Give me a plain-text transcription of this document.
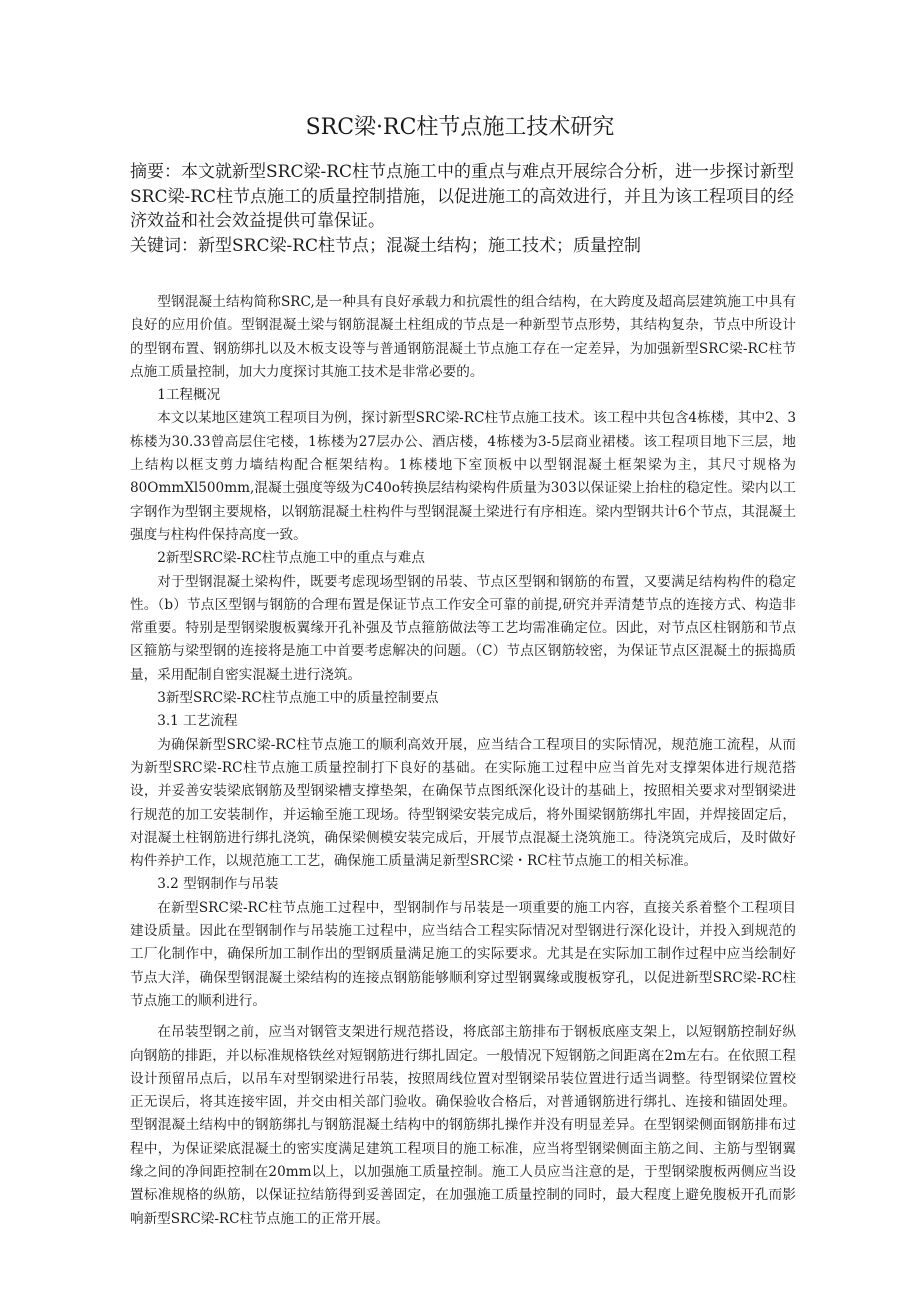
SRC梁·RC柱节点施工技术研究

摘要：本文就新型SRC梁-RC柱节点施工中的重点与难点开展综合分析，进一步探讨新型SRC梁-RC柱节点施工的质量控制措施，以促进施工的高效进行，并且为该工程项目的经济效益和社会效益提供可靠保证。

关键词：新型SRC梁-RC柱节点；混凝土结构；施工技术；质量控制

型钢混凝土结构简称SRC,是一种具有良好承载力和抗震性的组合结构，在大跨度及超高层建筑施工中具有良好的应用价值。型钢混凝土梁与钢筋混凝土柱组成的节点是一种新型节点形势，其结构复杂，节点中所设计的型钢布置、钢筋绑扎以及木板支设等与普通钢筋混凝土节点施工存在一定差异，为加强新型SRC梁-RC柱节点施工质量控制，加大力度探讨其施工技术是非常必要的。

1工程概况

本文以某地区建筑工程项目为例，探讨新型SRC梁-RC柱节点施工技术。该工程中共包含4栋楼，其中2、3栋楼为30.33曾高层住宅楼，1栋楼为27层办公、酒店楼，4栋楼为3-5层商业裙楼。该工程项目地下三层，地上结构以框支剪力墙结构配合框架结构。1栋楼地下室顶板中以型钢混凝土框架梁为主，其尺寸规格为80OmmXl500mm,混凝土强度等级为C40o转换层结构梁构件质量为303以保证梁上抬柱的稳定性。梁内以工字钢作为型钢主要规格，以钢筋混凝土柱构件与型钢混凝土梁进行有序相连。梁内型钢共计6个节点，其混凝土强度与柱构件保持高度一致。

2新型SRC梁-RC柱节点施工中的重点与难点

对于型钢混凝土梁构件，既要考虑现场型钢的吊装、节点区型钢和钢筋的布置，又要满足结构构件的稳定性。（b）节点区型钢与钢筋的合理布置是保证节点工作安全可靠的前提,研究并弄清楚节点的连接方式、构造非常重要。特别是型钢梁腹板翼缘开孔补强及节点箍筋做法等工艺均需准确定位。因此，对节点区柱钢筋和节点区箍筋与梁型钢的连接将是施工中首要考虑解决的问题。（C）节点区钢筋较密，为保证节点区混凝土的振捣质量，采用配制自密实混凝土进行浇筑。

3新型SRC梁-RC柱节点施工中的质量控制要点

3.1 工艺流程

为确保新型SRC梁-RC柱节点施工的顺利高效开展，应当结合工程项目的实际情况，规范施工流程，从而为新型SRC梁-RC柱节点施工质量控制打下良好的基础。在实际施工过程中应当首先对支撑架体进行规范搭设，并妥善安装梁底钢筋及型钢梁槽支撑垫架，在确保节点图纸深化设计的基础上，按照相关要求对型钢梁进行规范的加工安装制作，并运输至施工现场。待型钢梁安装完成后，将外围梁钢筋绑扎牢固，并焊接固定后，对混凝土柱钢筋进行绑扎浇筑，确保梁侧模安装完成后，开展节点混凝土浇筑施工。待浇筑完成后，及时做好构件养护工作，以规范施工工艺，确保施工质量满足新型SRC梁・RC柱节点施工的相关标准。

3.2 型钢制作与吊装

在新型SRC梁-RC柱节点施工过程中，型钢制作与吊装是一项重要的施工内容，直接关系着整个工程项目建设质量。因此在型钢制作与吊装施工过程中，应当结合工程实际情况对型钢进行深化设计，并投入到规范的工厂化制作中，确保所加工制作出的型钢质量满足施工的实际要求。尤其是在实际加工制作过程中应当绘制好节点大洋，确保型钢混凝土梁结构的连接点钢筋能够顺利穿过型钢翼缘或腹板穿孔，以促进新型SRC梁-RC柱节点施工的顺利进行。

在吊装型钢之前，应当对钢管支架进行规范搭设，将底部主筋排布于钢板底座支架上，以短钢筋控制好纵向钢筋的排距，并以标准规格铁丝对短钢筋进行绑扎固定。一般情况下短钢筋之间距离在2m左右。在依照工程设计预留吊点后，以吊车对型钢梁进行吊装，按照周线位置对型钢梁吊装位置进行适当调整。待型钢梁位置校正无误后，将其连接牢固，并交由相关部门验收。确保验收合格后，对普通钢筋进行绑扎、连接和锚固处理。型钢混凝土结构中的钢筋绑扎与钢筋混凝土结构中的钢筋绑扎操作并没有明显差异。在型钢梁侧面钢筋排布过程中，为保证梁底混凝土的密实度满足建筑工程项目的施工标准，应当将型钢梁侧面主筋之间、主筋与型钢翼缘之间的净间距控制在20mm以上，以加强施工质量控制。施工人员应当注意的是，于型钢梁腹板两侧应当设置标准规格的纵筋，以保证拉结筋得到妥善固定，在加强施工质量控制的同时，最大程度上避免腹板开孔而影响新型SRC梁-RC柱节点施工的正常开展。
